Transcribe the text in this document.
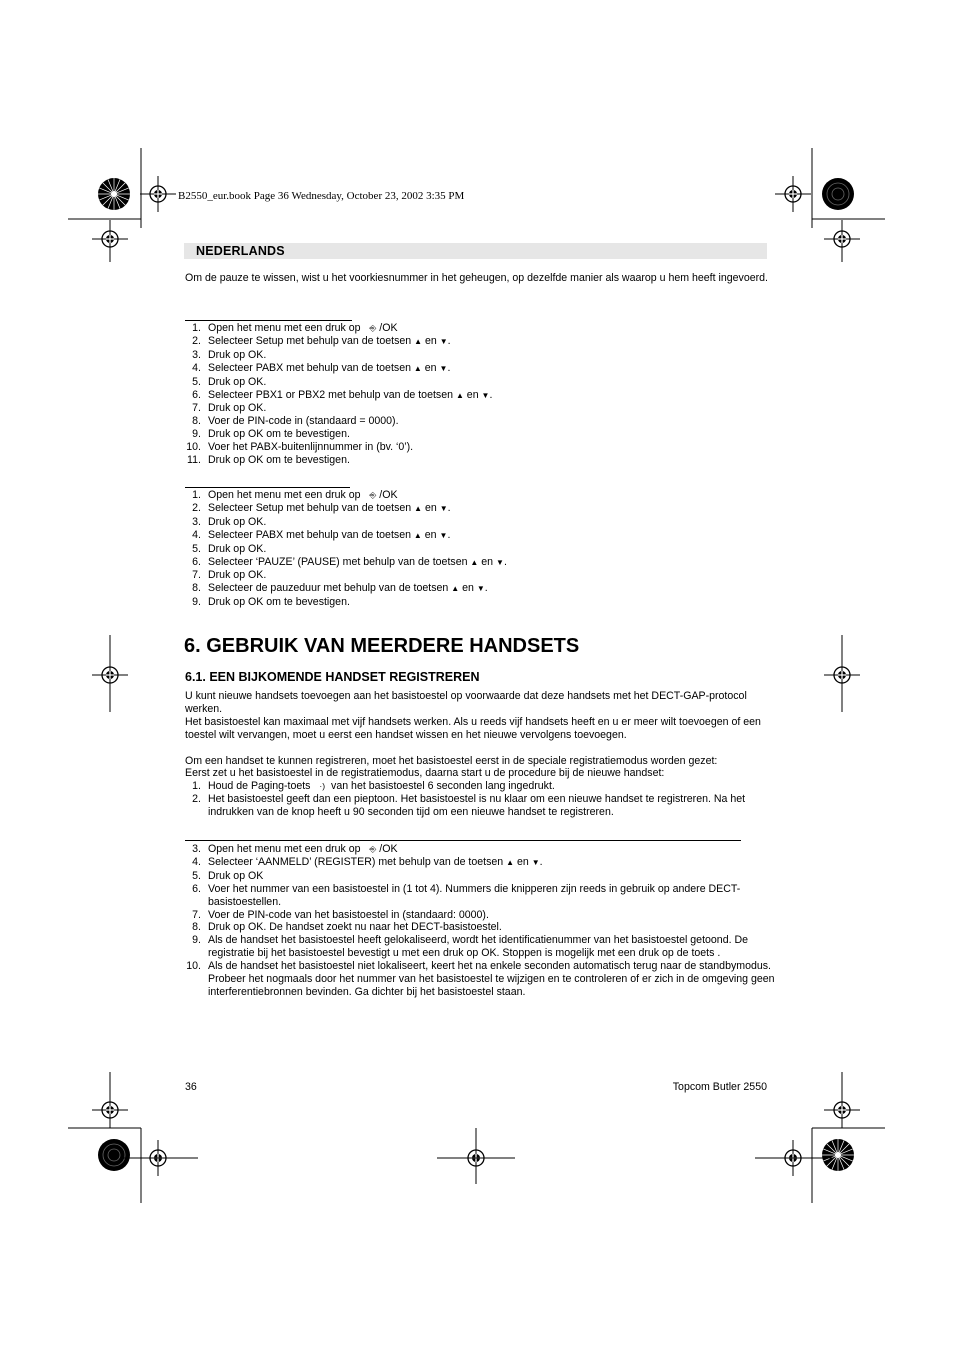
B2550_eur.book Page 36 Wednesday, October 23, 2002 3:35 PM
NEDERLANDS
Om de pauze te wissen, wist u het voorkiesnummer in het geheugen, op dezelfde manier als waarop u hem heeft ingevoerd.
1. Open het menu met een druk op ⎆ /OK
2. Selecteer Setup met behulp van de toetsen ▲ en ▼.
3. Druk op OK.
4. Selecteer PABX met behulp van de toetsen ▲ en ▼.
5. Druk op OK.
6. Selecteer PBX1 or PBX2 met behulp van de toetsen ▲ en ▼.
7. Druk op OK.
8. Voer de PIN-code in (standaard = 0000).
9. Druk op OK om te bevestigen.
10. Voer het PABX-buitenlijnnummer in (bv. ‘0’).
11. Druk op OK om te bevestigen.
1. Open het menu met een druk op ⎆ /OK
2. Selecteer Setup met behulp van de toetsen ▲ en ▼.
3. Druk op OK.
4. Selecteer PABX met behulp van de toetsen ▲ en ▼.
5. Druk op OK.
6. Selecteer ‘PAUZE’ (PAUSE) met behulp van de toetsen ▲ en ▼.
7. Druk op OK.
8. Selecteer de pauzeduur met behulp van de toetsen ▲ en ▼.
9. Druk op OK om te bevestigen.
6. GEBRUIK VAN MEERDERE HANDSETS
6.1. EEN BIJKOMENDE HANDSET REGISTREREN
U kunt nieuwe handsets toevoegen aan het basistoestel op voorwaarde dat deze handsets met het DECT-GAP-protocol werken.
Het basistoestel kan maximaal met vijf handsets werken. Als u reeds vijf handsets heeft en u er meer wilt toevoegen of een toestel wilt vervangen, moet u eerst een handset wissen en het nieuwe vervolgens toevoegen.
Om een handset te kunnen registreren, moet het basistoestel eerst in de speciale registratiemodus worden gezet:
Eerst zet u het basistoestel in de registratiemodus, daarna start u de procedure bij de nieuwe handset:
1. Houd de Paging-toets ·) van het basistoestel 6 seconden lang ingedrukt.
2. Het basistoestel geeft dan een pieptoon. Het basistoestel is nu klaar om een nieuwe handset te registreren. Na het indrukken van de knop heeft u 90 seconden tijd om een nieuwe handset te registreren.
3. Open het menu met een druk op ⎆ /OK
4. Selecteer ‘AANMELD’ (REGISTER) met behulp van de toetsen ▲ en ▼.
5. Druk op OK
6. Voer het nummer van een basistoestel in (1 tot 4). Nummers die knipperen zijn reeds in gebruik op andere DECT-basistoestellen.
7. Voer de PIN-code van het basistoestel in (standaard: 0000).
8. Druk op OK. De handset zoekt nu naar het DECT-basistoestel.
9. Als de handset het basistoestel heeft gelokaliseerd, wordt het identificatienummer van het basistoestel getoond. De registratie bij het basistoestel bevestigt u met een druk op OK. Stoppen is mogelijk met een druk op de toets .
10. Als de handset het basistoestel niet lokaliseert, keert het na enkele seconden automatisch terug naar de standbymodus. Probeer het nogmaals door het nummer van het basistoestel te wijzigen en te controleren of er zich in de omgeving geen interferentiebronnen bevinden. Ga dichter bij het basistoestel staan.
36	Topcom Butler 2550
